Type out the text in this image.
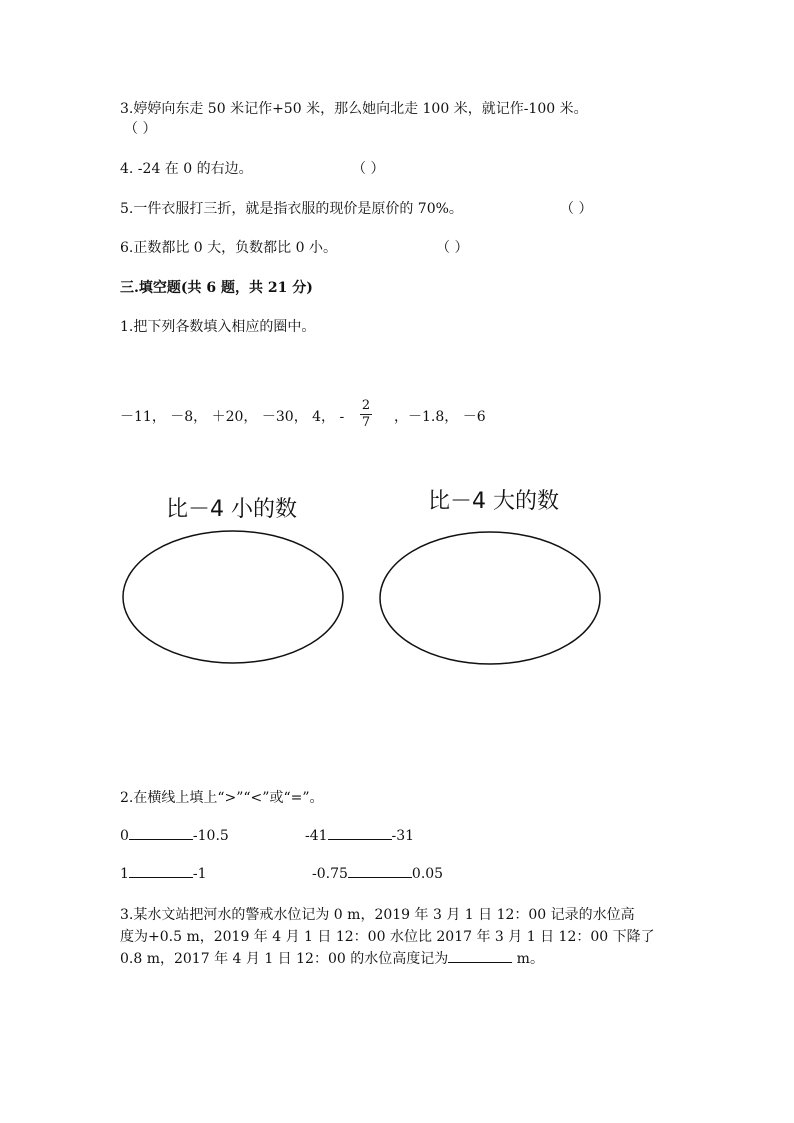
3.婷婷向东走 50 米记作+50 米，那么她向北走 100 米，就记作-100 米。
（ ）
4. -24 在 0 的右边。	（ ）
5.一件衣服打三折，就是指衣服的现价是原价的 70%。	（ ）
6.正数都比 0 大，负数都比 0 小。	（ ）
三.填空题(共 6 题，共 21 分)
1.把下列各数填入相应的圈中。
－11， －8， ＋20， －30， 4， -
2
7 ，－1.8， －6
比－4 小的数	比－4 大的数
2.在横线上填上“>”“<”或“=”。
0	-10.5	-41	-31
1	-1	-0.75	0.05
3.某水文站把河水的警戒水位记为 0 m，2019 年 3 月 1 日 12：00 记录的水位高
度为+0.5 m，2019 年 4 月 1 日 12：00 水位比 2017 年 3 月 1 日 12：00 下降了
0.8 m，2017 年 4 月 1 日 12：00 的水位高度记为	m。
